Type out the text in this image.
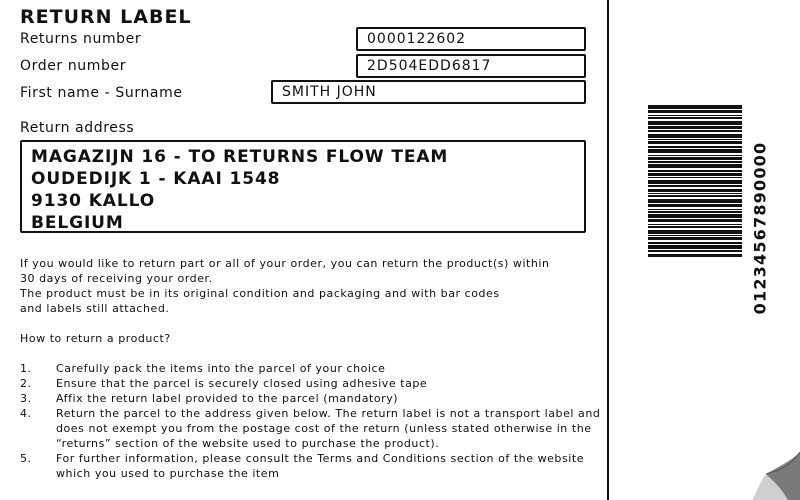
RETURN LABEL
Returns number	0000122602
Order number	2D504EDD6817
First name - Surname	SMITH JOHN
Return address
MAGAZIJN 16 - TO RETURNS FLOW TEAM
OUDEDIJK 1 - KAAI 1548
9130 KALLO
BELGIUM
If you would like to return part or all of your order, you can return the product(s) within
30 days of receiving your order.
The product must be in its original condition and packaging and with bar codes
and labels still attached.
How to return a product?
1. Carefully pack the items into the parcel of your choice
2. Ensure that the parcel is securely closed using adhesive tape
3. Affix the return label provided to the parcel (mandatory)
4. Return the parcel to the address given below. The return label is not a transport label and does not exempt you from the postage cost of the return (unless stated otherwise in the “returns” section of the website used to purchase the product).
5. For further information, please consult the Terms and Conditions section of the website which you used to purchase the item
01234567890000
